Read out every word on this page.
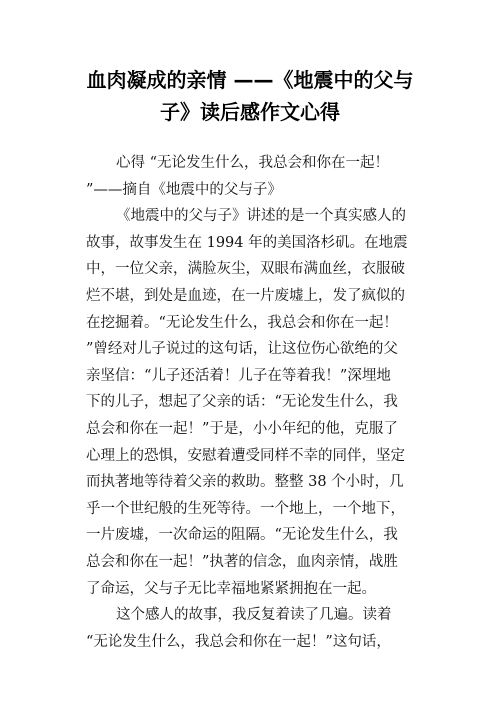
血肉凝成的亲情 ——《地震中的父与
子》读后感作文心得
心得 “无论发生什么，我总会和你在一起！
”——摘自《地震中的父与子》
《地震中的父与子》讲述的是一个真实感人的
故事，故事发生在 1994 年的美国洛杉矶。在地震
中，一位父亲，满脸灰尘，双眼布满血丝，衣服破
烂不堪，到处是血迹，在一片废墟上，发了疯似的
在挖掘着。“无论发生什么，我总会和你在一起！
”曾经对儿子说过的这句话，让这位伤心欲绝的父
亲坚信：“儿子还活着！儿子在等着我！”深埋地
下的儿子，想起了父亲的话：“无论发生什么，我
总会和你在一起！”于是，小小年纪的他，克服了
心理上的恐惧，安慰着遭受同样不幸的同伴，坚定
而执著地等待着父亲的救助。整整 38 个小时，几
乎一个世纪般的生死等待。一个地上，一个地下，
一片废墟，一次命运的阻隔。“无论发生什么，我
总会和你在一起！”执著的信念，血肉亲情，战胜
了命运，父与子无比幸福地紧紧拥抱在一起。
这个感人的故事，我反复着读了几遍。读着
“无论发生什么，我总会和你在一起！”这句话，
